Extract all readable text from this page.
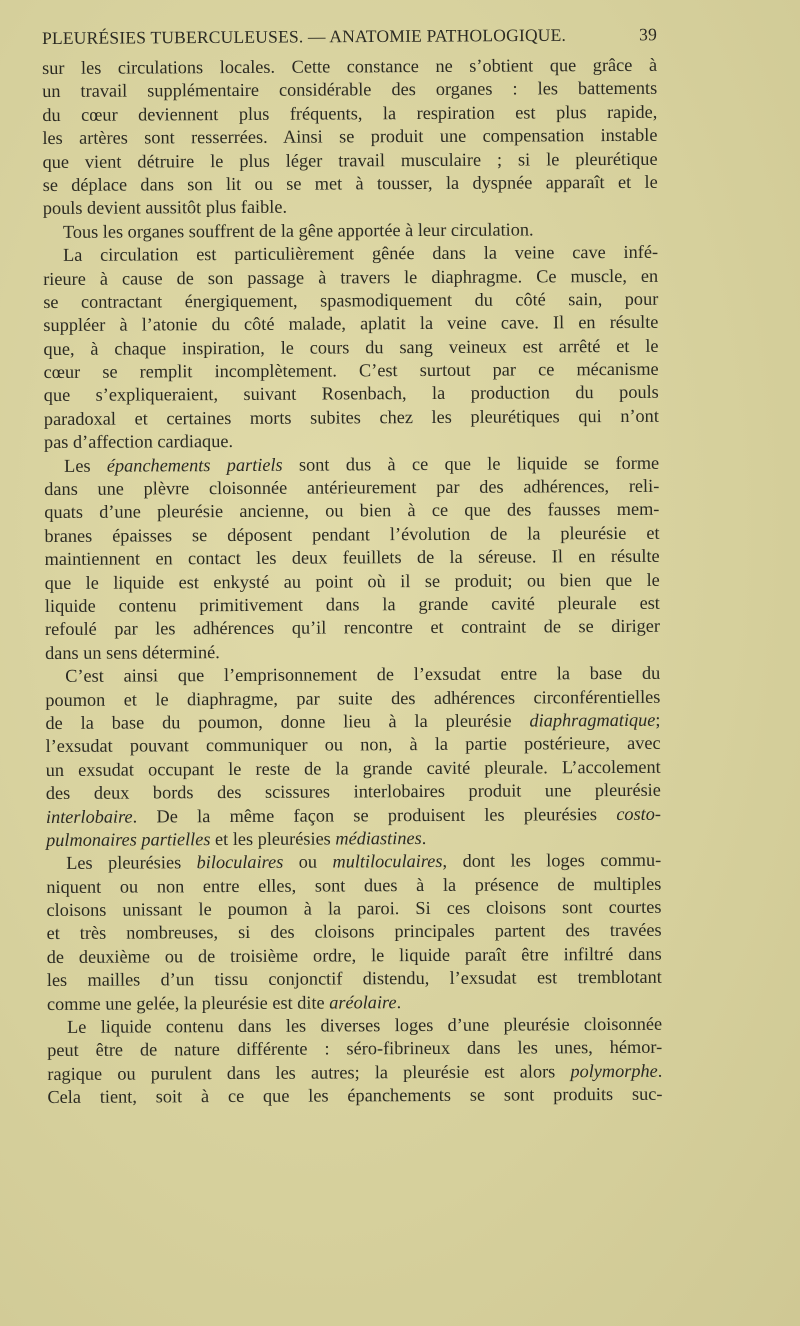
PLEURÉSIES TUBERCULEUSES. — ANATOMIE PATHOLOGIQUE.	39
sur les circulations locales. Cette constance ne s’obtient que grâce à
un travail supplémentaire considérable des organes : les battements
du cœur deviennent plus fréquents, la respiration est plus rapide,
les artères sont resserrées. Ainsi se produit une compensation instable
que vient détruire le plus léger travail musculaire ; si le pleurétique
se déplace dans son lit ou se met à tousser, la dyspnée apparaît et le
pouls devient aussitôt plus faible.
Tous les organes souffrent de la gêne apportée à leur circulation.
La circulation est particulièrement gênée dans la veine cave infé-
rieure à cause de son passage à travers le diaphragme. Ce muscle, en
se contractant énergiquement, spasmodiquement du côté sain, pour
suppléer à l’atonie du côté malade, aplatit la veine cave. Il en résulte
que, à chaque inspiration, le cours du sang veineux est arrêté et le
cœur se remplit incomplètement. C’est surtout par ce mécanisme
que s’expliqueraient, suivant Rosenbach, la production du pouls
paradoxal et certaines morts subites chez les pleurétiques qui n’ont
pas d’affection cardiaque.
Les épanchements partiels sont dus à ce que le liquide se forme
dans une plèvre cloisonnée antérieurement par des adhérences, reli-
quats d’une pleurésie ancienne, ou bien à ce que des fausses mem-
branes épaisses se déposent pendant l’évolution de la pleurésie et
maintiennent en contact les deux feuillets de la séreuse. Il en résulte
que le liquide est enkysté au point où il se produit; ou bien que le
liquide contenu primitivement dans la grande cavité pleurale est
refoulé par les adhérences qu’il rencontre et contraint de se diriger
dans un sens déterminé.
C’est ainsi que l’emprisonnement de l’exsudat entre la base du
poumon et le diaphragme, par suite des adhérences circonférentielles
de la base du poumon, donne lieu à la pleurésie diaphragmatique;
l’exsudat pouvant communiquer ou non, à la partie postérieure, avec
un exsudat occupant le reste de la grande cavité pleurale. L’accolement
des deux bords des scissures interlobaires produit une pleurésie
interlobaire. De la même façon se produisent les pleurésies costo-
pulmonaires partielles et les pleurésies médiastines.
Les pleurésies biloculaires ou multiloculaires, dont les loges commu-
niquent ou non entre elles, sont dues à la présence de multiples
cloisons unissant le poumon à la paroi. Si ces cloisons sont courtes
et très nombreuses, si des cloisons principales partent des travées
de deuxième ou de troisième ordre, le liquide paraît être infiltré dans
les mailles d’un tissu conjonctif distendu, l’exsudat est tremblotant
comme une gelée, la pleurésie est dite aréolaire.
Le liquide contenu dans les diverses loges d’une pleurésie cloisonnée
peut être de nature différente : séro-fibrineux dans les unes, hémor-
ragique ou purulent dans les autres; la pleurésie est alors polymorphe.
Cela tient, soit à ce que les épanchements se sont produits suc-
